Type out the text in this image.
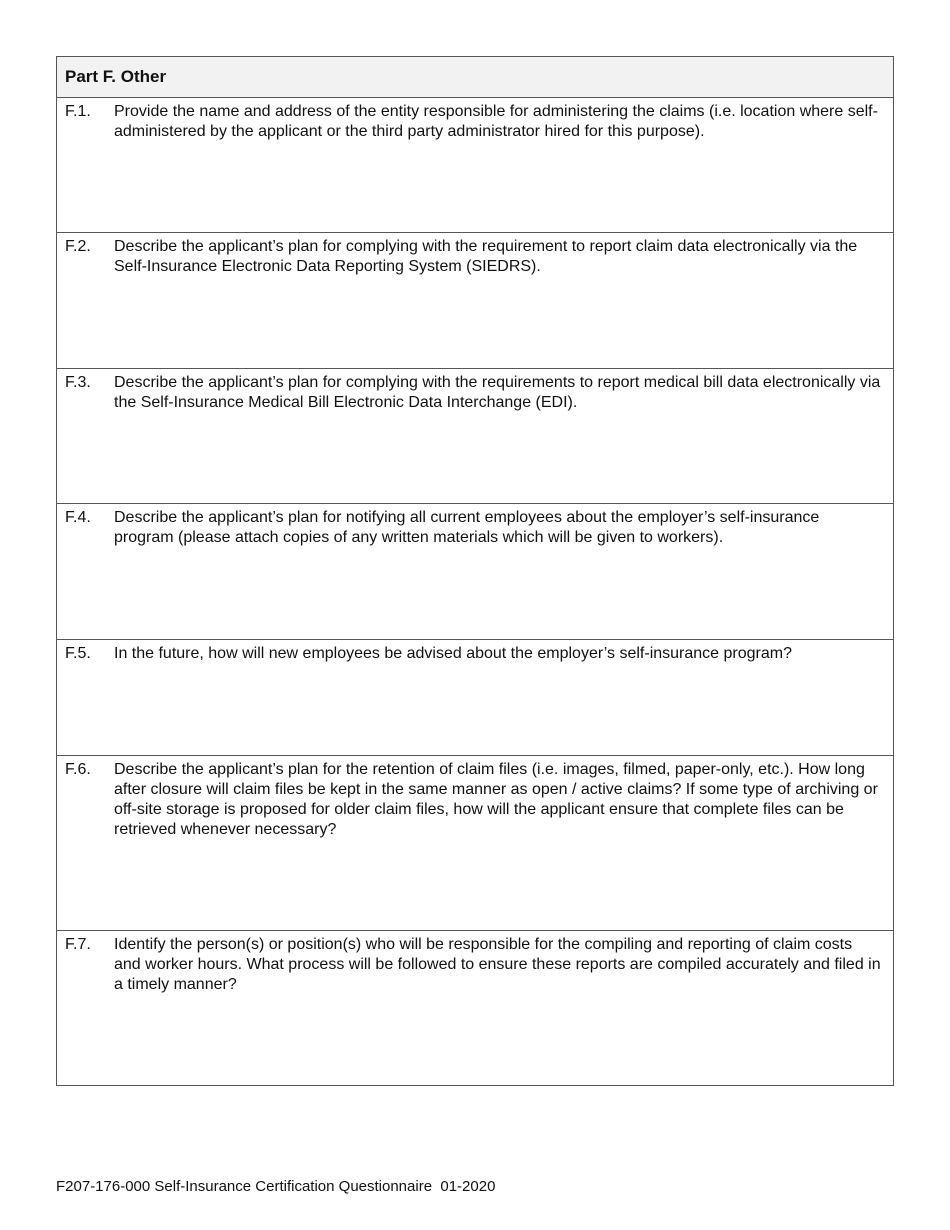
Part F. Other
F.1.	Provide the name and address of the entity responsible for administering the claims (i.e. location where self-administered by the applicant or the third party administrator hired for this purpose).
F.2.	Describe the applicant’s plan for complying with the requirement to report claim data electronically via the Self-Insurance Electronic Data Reporting System (SIEDRS).
F.3.	Describe the applicant’s plan for complying with the requirements to report medical bill data electronically via the Self-Insurance Medical Bill Electronic Data Interchange (EDI).
F.4.	Describe the applicant’s plan for notifying all current employees about the employer’s self-insurance program (please attach copies of any written materials which will be given to workers).
F.5.	In the future, how will new employees be advised about the employer’s self-insurance program?
F.6.	Describe the applicant’s plan for the retention of claim files (i.e. images, filmed, paper-only, etc.). How long after closure will claim files be kept in the same manner as open / active claims? If some type of archiving or off-site storage is proposed for older claim files, how will the applicant ensure that complete files can be retrieved whenever necessary?
F.7.	Identify the person(s) or position(s) who will be responsible for the compiling and reporting of claim costs and worker hours. What process will be followed to ensure these reports are compiled accurately and filed in a timely manner?
F207-176-000 Self-Insurance Certification Questionnaire  01-2020
